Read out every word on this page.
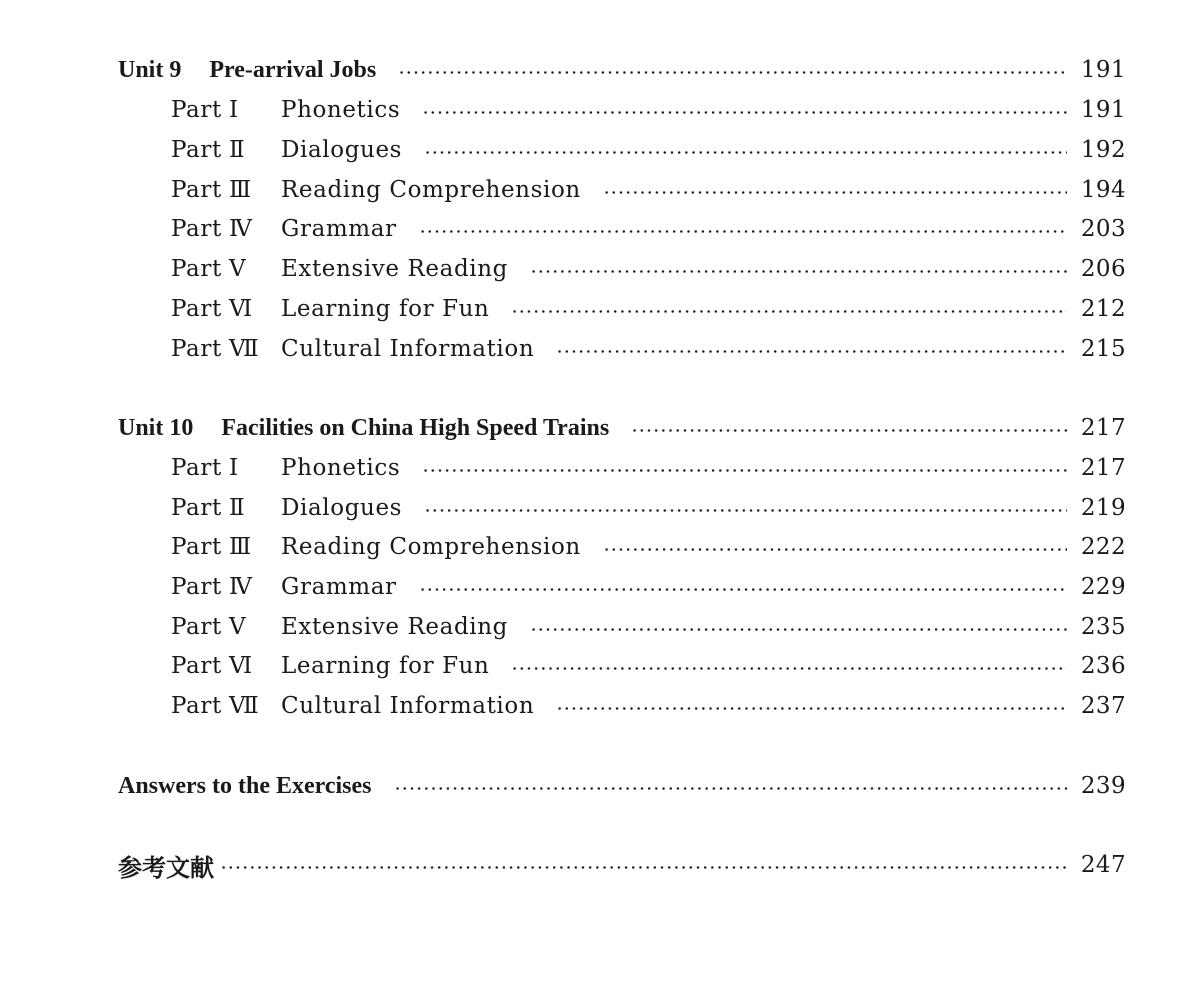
Unit 9 Pre-arrival Jobs	191
Part Ⅰ	Phonetics	191
Part Ⅱ	Dialogues	192
Part Ⅲ	Reading Comprehension	194
Part Ⅳ	Grammar	203
Part Ⅴ	Extensive Reading	206
Part Ⅵ	Learning for Fun	212
Part Ⅶ Cultural Information	215
Unit 10 Facilities on China High Speed Trains	217
Part Ⅰ	Phonetics	217
Part Ⅱ	Dialogues	219
Part Ⅲ	Reading Comprehension	222
Part Ⅳ	Grammar	229
Part Ⅴ	Extensive Reading	235
Part Ⅵ	Learning for Fun	236
Part Ⅶ Cultural Information	237
Answers to the Exercises	239
参考文献	247
